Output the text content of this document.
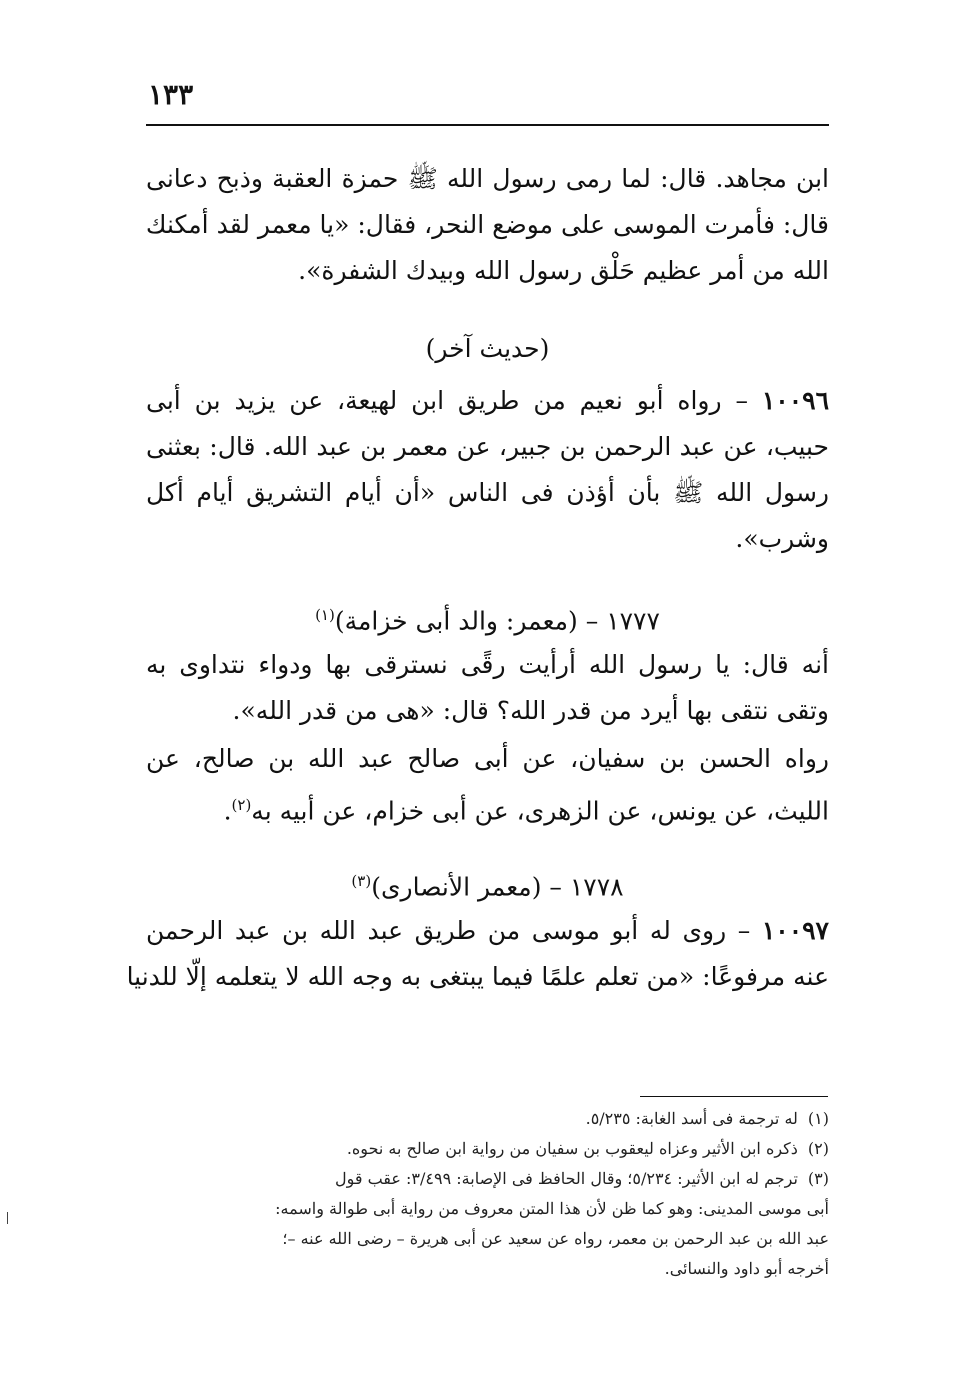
١٣٣
ابن مجاهد. قال: لما رمى رسول الله ﷺ حمزة العقبة وذبح دعانى
قال: فأمرت الموسى على موضع النحر، فقال: «يا معمر لقد أمكنك
الله من أمر عظيم حَلْق رسول الله وبيدك الشفرة».
(حديث آخر)
١٠٠٩٦ – رواه أبو نعيم من طريق ابن لهيعة، عن يزيد بن أبى
حبيب، عن عبد الرحمن بن جبير، عن معمر بن عبد الله. قال: بعثنى
رسول الله ﷺ بأن أؤذن فى الناس «أن أيام التشريق أيام أكل
وشرب».
١٧٧٧ – (معمر: والد أبى خزامة)$^{(١)}$
أنه قال: يا رسول الله أرأيت رقًى نسترقى بها ودواء نتداوى به
وتقى نتقى بها أيرد من قدر الله؟ قال: «هى من قدر الله».
رواه الحسن بن سفيان، عن أبى صالح عبد الله بن صالح، عن
الليث، عن يونس، عن الزهرى، عن أبى خزام، عن أبيه به$^{(٢)}$.
١٧٧٨ – (معمر الأنصارى)$^{(٣)}$
١٠٠٩٧ – روى له أبو موسى من طريق عبد الله بن عبد الرحمن
عنه مرفوعًا: «من تعلم علمًا فيما يبتغى به وجه الله لا يتعلمه إلّا للدنيا
(١)له ترجمة فى أسد الغابة: ٥/٢٣٥.
(٢)ذكره ابن الأثير وعزاه ليعقوب بن سفيان من رواية ابن صالح به نحوه.
(٣)ترجم له ابن الأثير: ٥/٢٣٤؛ وقال الحافظ فى الإصابة: ٣/٤٩٩: عقب قول
أبى موسى المدينى: وهو كما ظن لأن هذا المتن معروف من رواية أبى طوالة واسمه:
عبد الله بن عبد الرحمن بن معمر، رواه عن سعيد عن أبى هريرة – رضى الله عنه –؛
أخرجه أبو داود والنسائى.
